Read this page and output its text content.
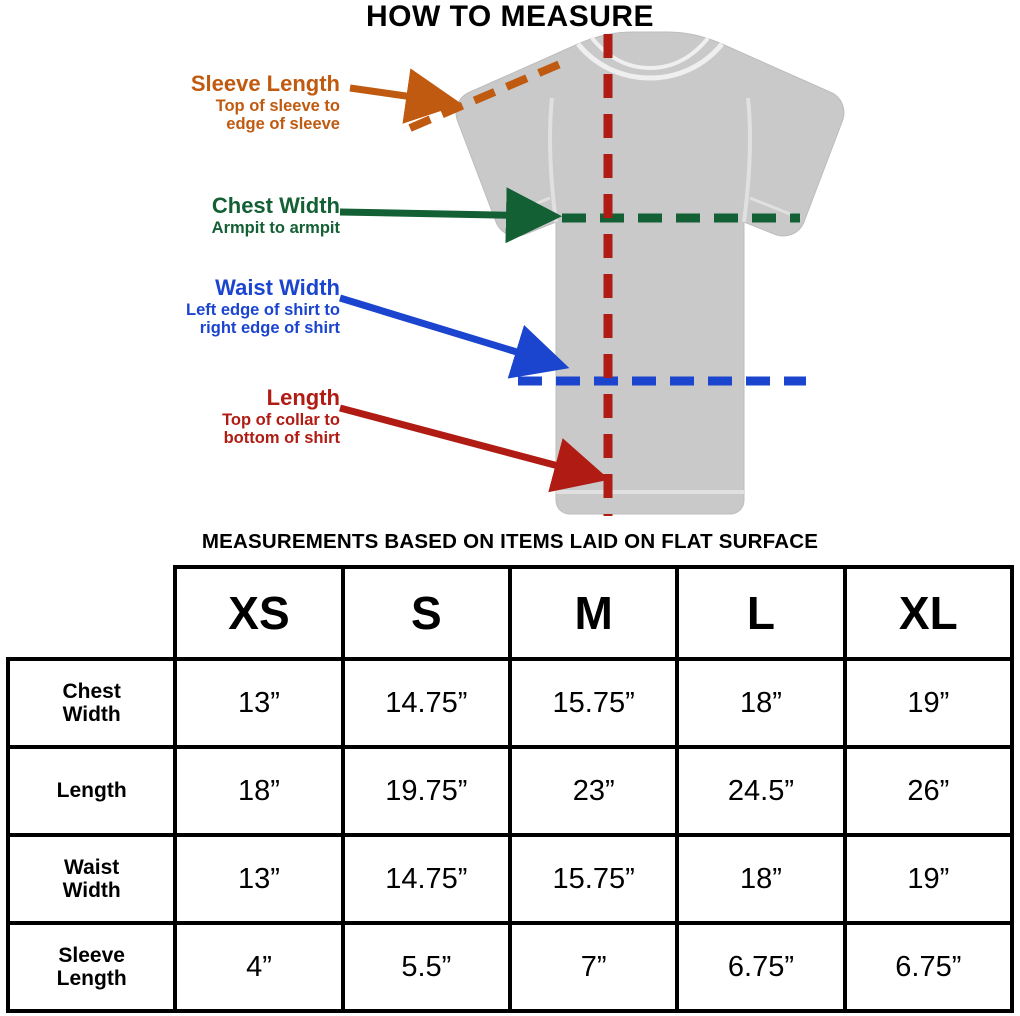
HOW TO MEASURE
Sleeve Length
Top of sleeve to
edge of sleeve
Chest Width
Armpit to armpit
Waist Width
Left edge of shirt to
right edge of shirt
Length
Top of collar to
bottom of shirt
MEASUREMENTS BASED ON ITEMS LAID ON FLAT SURFACE
	XS	S	M	L	XL

Chest
Width	13”	14.75”	15.75”	18”	19”

Length	18”	19.75”	23”	24.5”	26”

Waist
Width	13”	14.75”	15.75”	18”	19”

Sleeve
Length	4”	5.5”	7”	6.75”	6.75”
